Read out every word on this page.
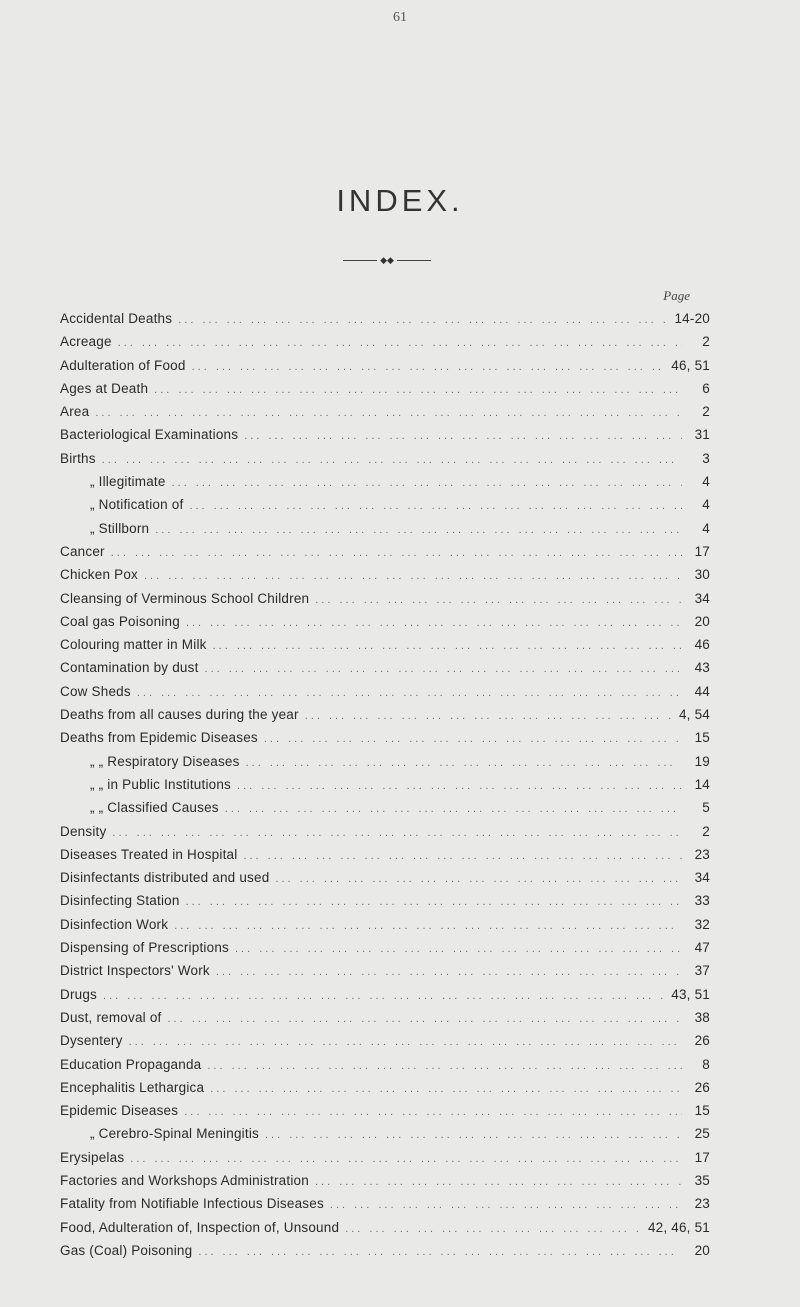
61
INDEX.
◆◆
Page
Accidental Deaths ... .	14-20
Acreage ... .	2
Adulteration of Food ... .	46, 51
Ages at Death ... .	6
Area ... .	2
Bacteriological Examinations ... .	31
Births ... .	3
„ Illegitimate ... .	4
„ Notification of ... .	4
„ Stillborn ... .	4
Cancer ... .	17
Chicken Pox ... .	30
Cleansing of Verminous School Children ... .	34
Coal gas Poisoning ... .	20
Colouring matter in Milk ... .	46
Contamination by dust ... .	43
Cow Sheds ... .	44
Deaths from all causes during the year ... .	4, 54
Deaths from Epidemic Diseases ... .	15
„ „ Respiratory Diseases ... .	19
„ „ in Public Institutions ... .	14
„ „ Classified Causes ... .	5
Density ... .	2
Diseases Treated in Hospital ... .	23
Disinfectants distributed and used ... .	34
Disinfecting Station ... .	33
Disinfection Work ... .	32
Dispensing of Prescriptions ... .	47
District Inspectors' Work ... .	37
Drugs ... .	43, 51
Dust, removal of ... .	38
Dysentery ... .	26
Education Propaganda ... .	8
Encephalitis Lethargica ... .	26
Epidemic Diseases ... .	15
„ Cerebro-Spinal Meningitis ... .	25
Erysipelas ... .	17
Factories and Workshops Administration ... .	35
Fatality from Notifiable Infectious Diseases ... .	23
Food, Adulteration of, Inspection of, Unsound ... .	42, 46, 51
Gas (Coal) Poisoning ... .	20
